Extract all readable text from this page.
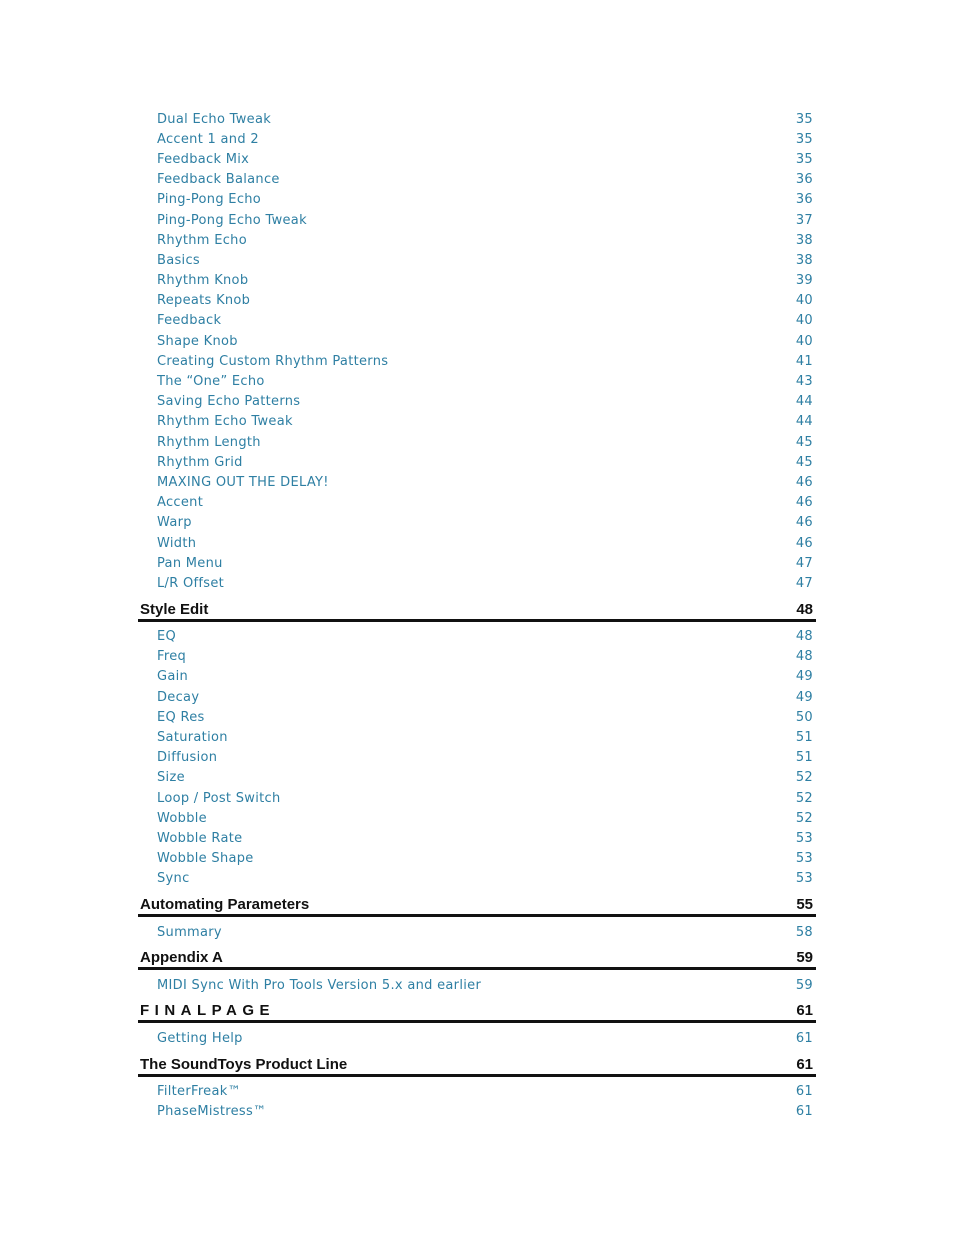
Dual Echo Tweak	35
Accent 1 and 2	35
Feedback Mix	35
Feedback Balance	36
Ping-Pong Echo	36
Ping-Pong Echo Tweak	37
Rhythm Echo	38
Basics	38
Rhythm Knob	39
Repeats Knob	40
Feedback	40
Shape Knob	40
Creating Custom Rhythm Patterns	41
The “One” Echo	43
Saving Echo Patterns	44
Rhythm Echo Tweak	44
Rhythm Length	45
Rhythm Grid	45
MAXING OUT THE DELAY!	46
Accent	46
Warp	46
Width	46
Pan Menu	47
L/R Offset	47
Style Edit	48
EQ	48
Freq	48
Gain	49
Decay	49
EQ Res	50
Saturation	51
Diffusion	51
Size	52
Loop / Post Switch	52
Wobble	52
Wobble Rate	53
Wobble Shape	53
Sync	53
Automating Parameters	55
Summary	58
Appendix A	59
MIDI Sync With Pro Tools Version 5.x and earlier	59
FINALPAGE	61
Getting Help	61
The SoundToys Product Line	61
FilterFreak™	61
PhaseMistress™	61
